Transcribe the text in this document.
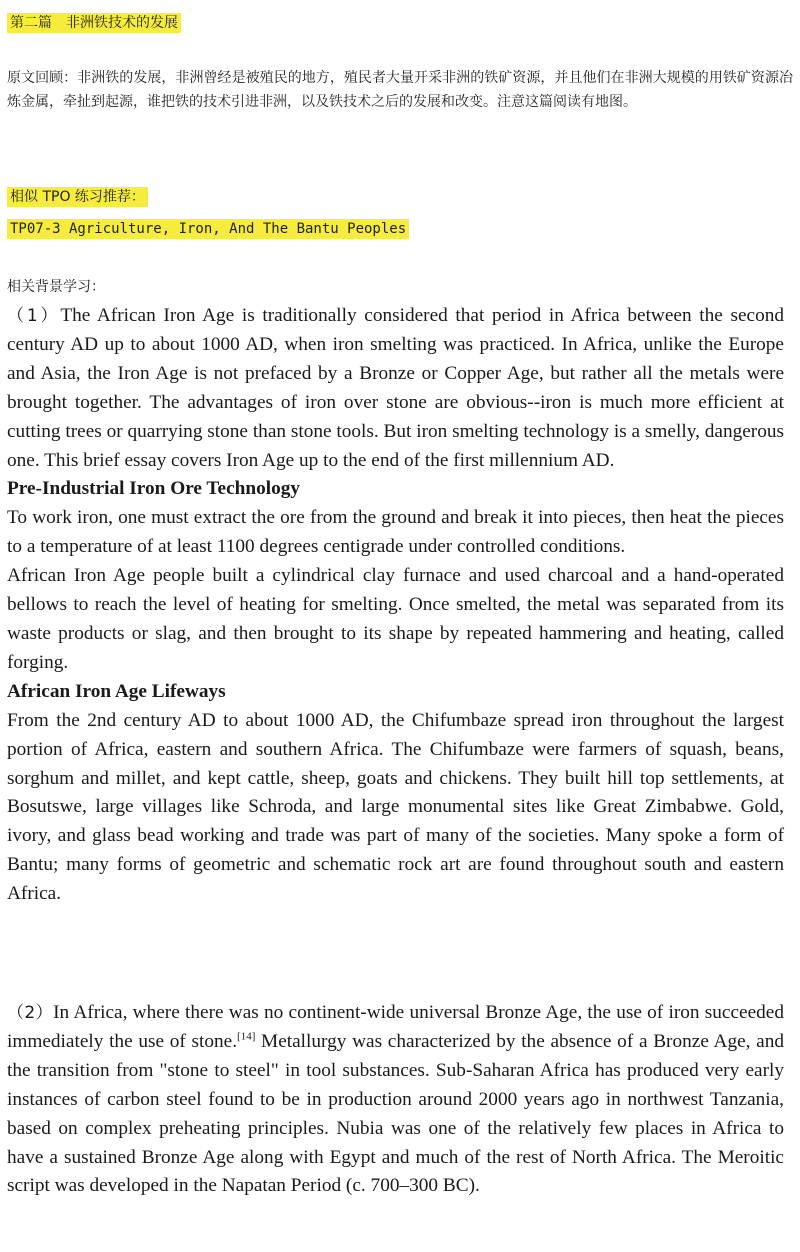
第二篇　非洲铁技术的发展
原文回顾：非洲铁的发展，非洲曾经是被殖民的地方，殖民者大量开采非洲的铁矿资源，并且他们在非洲大规模的用铁矿资源冶炼金属，牵扯到起源，谁把铁的技术引进非洲，以及铁技术之后的发展和改变。注意这篇阅读有地图。
相似 TPO 练习推荐：
TP07-3 Agriculture, Iron, And The Bantu Peoples
相关背景学习：

（1）The African Iron Age is traditionally considered that period in Africa between the second century AD up to about 1000 AD, when iron smelting was practiced. In Africa, unlike the Europe and Asia, the Iron Age is not prefaced by a Bronze or Copper Age, but rather all the metals were brought together. The advantages of iron over stone are obvious--iron is much more efficient at cutting trees or quarrying stone than stone tools. But iron smelting technology is a smelly, dangerous one. This brief essay covers Iron Age up to the end of the first millennium AD.

Pre-Industrial Iron Ore Technology

To work iron, one must extract the ore from the ground and break it into pieces, then heat the pieces to a temperature of at least 1100 degrees centigrade under controlled conditions.

African Iron Age people built a cylindrical clay furnace and used charcoal and a hand-operated bellows to reach the level of heating for smelting. Once smelted, the metal was separated from its waste products or slag, and then brought to its shape by repeated hammering and heating, called forging.

African Iron Age Lifeways

From the 2nd century AD to about 1000 AD, the Chifumbaze spread iron throughout the largest portion of Africa, eastern and southern Africa. The Chifumbaze were farmers of squash, beans, sorghum and millet, and kept cattle, sheep, goats and chickens. They built hill top settlements, at Bosutswe, large villages like Schroda, and large monumental sites like Great Zimbabwe. Gold, ivory, and glass bead working and trade was part of many of the societies. Many spoke a form of Bantu; many forms of geometric and schematic rock art are found throughout south and eastern Africa.

（2）In Africa, where there was no continent-wide universal Bronze Age, the use of iron succeeded immediately the use of stone.[14] Metallurgy was characterized by the absence of a Bronze Age, and the transition from "stone to steel" in tool substances. Sub-Saharan Africa has produced very early instances of carbon steel found to be in production around 2000 years ago in northwest Tanzania, based on complex preheating principles. Nubia was one of the relatively few places in Africa to have a sustained Bronze Age along with Egypt and much of the rest of North Africa. The Meroitic script was developed in the Napatan Period (c. 700–300 BC).
